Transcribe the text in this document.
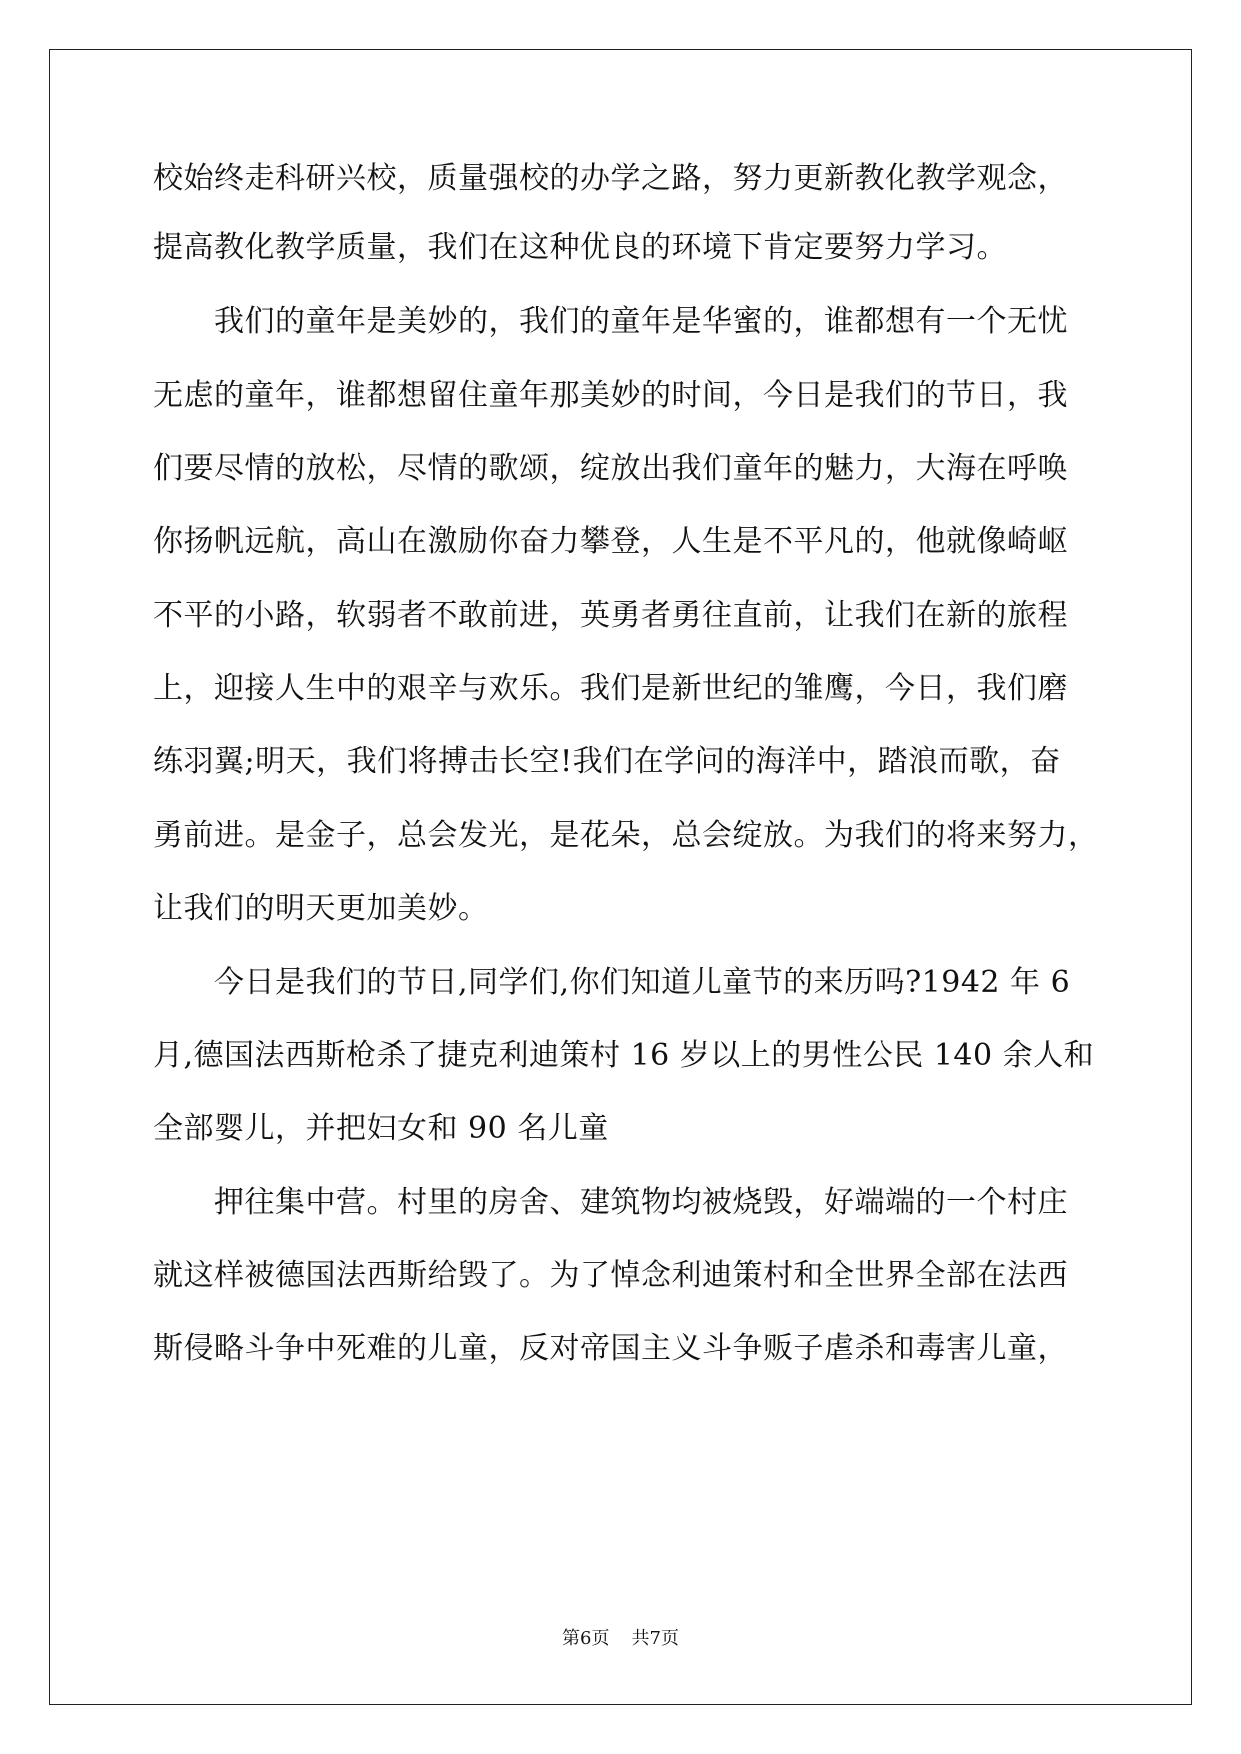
校始终走科研兴校，质量强校的办学之路，努力更新教化教学观念，
提高教化教学质量，我们在这种优良的环境下肯定要努力学习。
　　我们的童年是美妙的，我们的童年是华蜜的，谁都想有一个无忧
无虑的童年，谁都想留住童年那美妙的时间，今日是我们的节日，我
们要尽情的放松，尽情的歌颂，绽放出我们童年的魅力，大海在呼唤
你扬帆远航，高山在激励你奋力攀登，人生是不平凡的，他就像崎岖
不平的小路，软弱者不敢前进，英勇者勇往直前，让我们在新的旅程
上，迎接人生中的艰辛与欢乐。我们是新世纪的雏鹰，今日，我们磨
练羽翼;明天，我们将搏击长空!我们在学问的海洋中，踏浪而歌，奋
勇前进。是金子，总会发光，是花朵，总会绽放。为我们的将来努力，
让我们的明天更加美妙。
　　今日是我们的节日,同学们,你们知道儿童节的来历吗?1942 年 6
月,德国法西斯枪杀了捷克利迪策村 16 岁以上的男性公民 140 余人和
全部婴儿，并把妇女和 90 名儿童
　　押往集中营。村里的房舍、建筑物均被烧毁，好端端的一个村庄
就这样被德国法西斯给毁了。为了悼念利迪策村和全世界全部在法西
斯侵略斗争中死难的儿童，反对帝国主义斗争贩子虐杀和毒害儿童，
第6页 共7页
